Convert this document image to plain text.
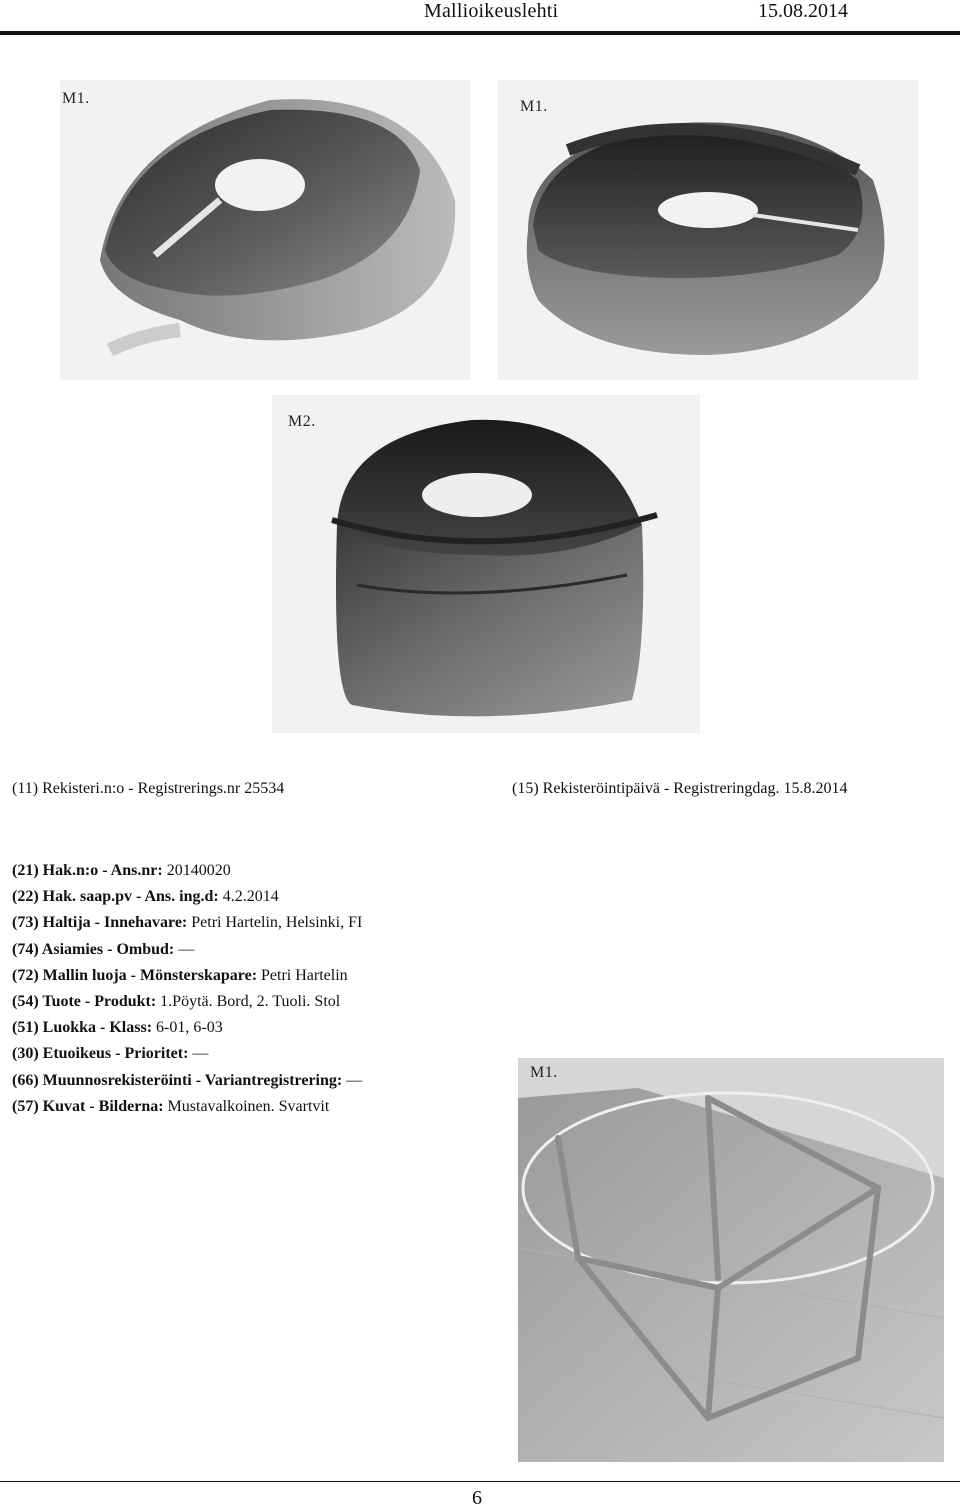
Mallioikeuslehti	15.08.2014
M1.	M1.
M2.
(11) Rekisteri.n:o - Registrerings.nr 25534	(15) Rekisteröintipäivä - Registreringdag. 15.8.2014
(21) Hak.n:o - Ans.nr: 20140020
(22) Hak. saap.pv - Ans. ing.d: 4.2.2014
(73) Haltija - Innehavare: Petri Hartelin, Helsinki, FI
(74) Asiamies - Ombud: —
(72) Mallin luoja - Mönsterskapare: Petri Hartelin
(54) Tuote - Produkt: 1.Pöytä. Bord, 2. Tuoli. Stol
(51) Luokka - Klass: 6-01, 6-03
(30) Etuoikeus - Prioritet: —
(66) Muunnosrekisteröinti - Variantregistrering: —
(57) Kuvat - Bilderna: Mustavalkoinen. Svartvit
M1.
6
